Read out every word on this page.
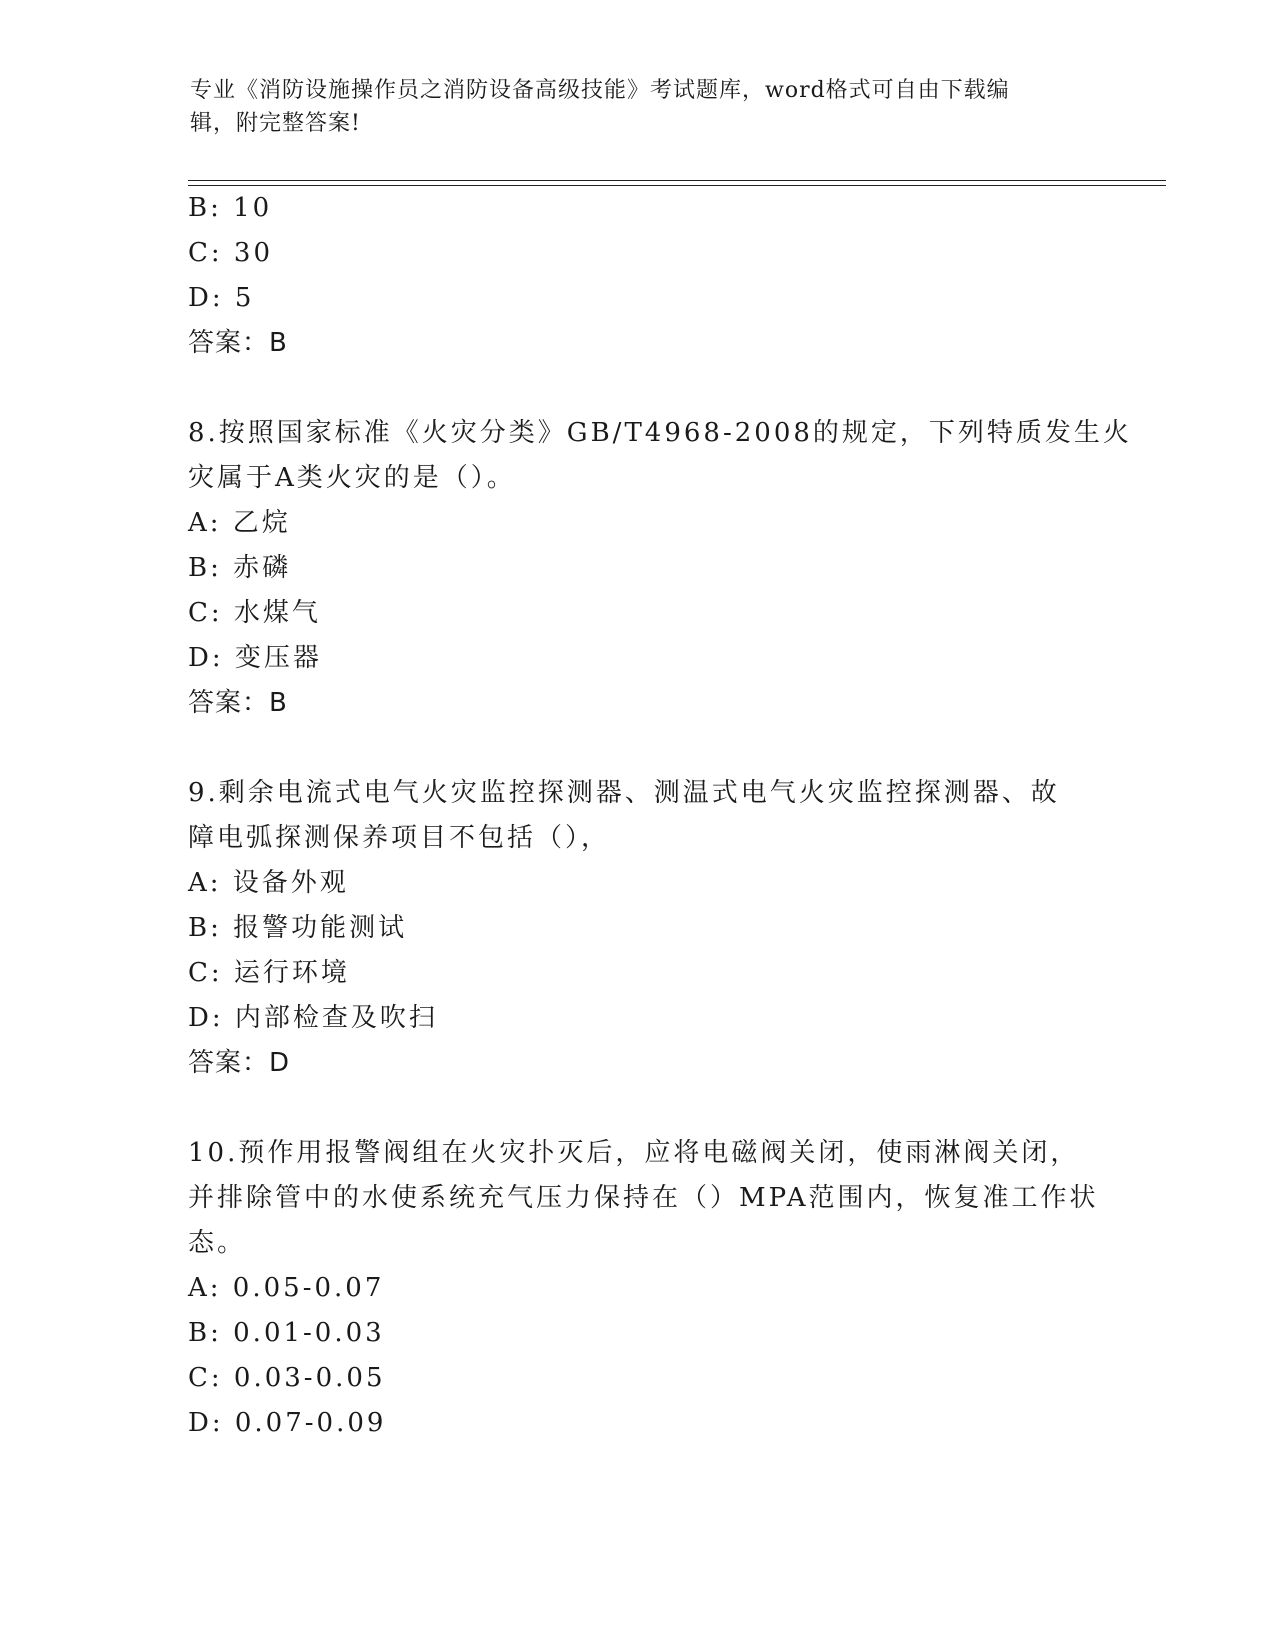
专业《消防设施操作员之消防设备高级技能》考试题库，word格式可自由下载编
辑，附完整答案!
B: 10
C: 30
D: 5
答案：B
8.按照国家标准《火灾分类》GB/T4968-2008的规定，下列特质发生火
灾属于A类火灾的是（）。
A: 乙烷
B: 赤磷
C: 水煤气
D: 变压器
答案：B
9.剩余电流式电气火灾监控探测器、测温式电气火灾监控探测器、故
障电弧探测保养项目不包括（），
A: 设备外观
B: 报警功能测试
C: 运行环境
D: 内部检查及吹扫
答案：D
10.预作用报警阀组在火灾扑灭后，应将电磁阀关闭，使雨淋阀关闭，
并排除管中的水使系统充气压力保持在（）MPA范围内，恢复准工作状
态。
A: 0.05-0.07
B: 0.01-0.03
C: 0.03-0.05
D: 0.07-0.09
